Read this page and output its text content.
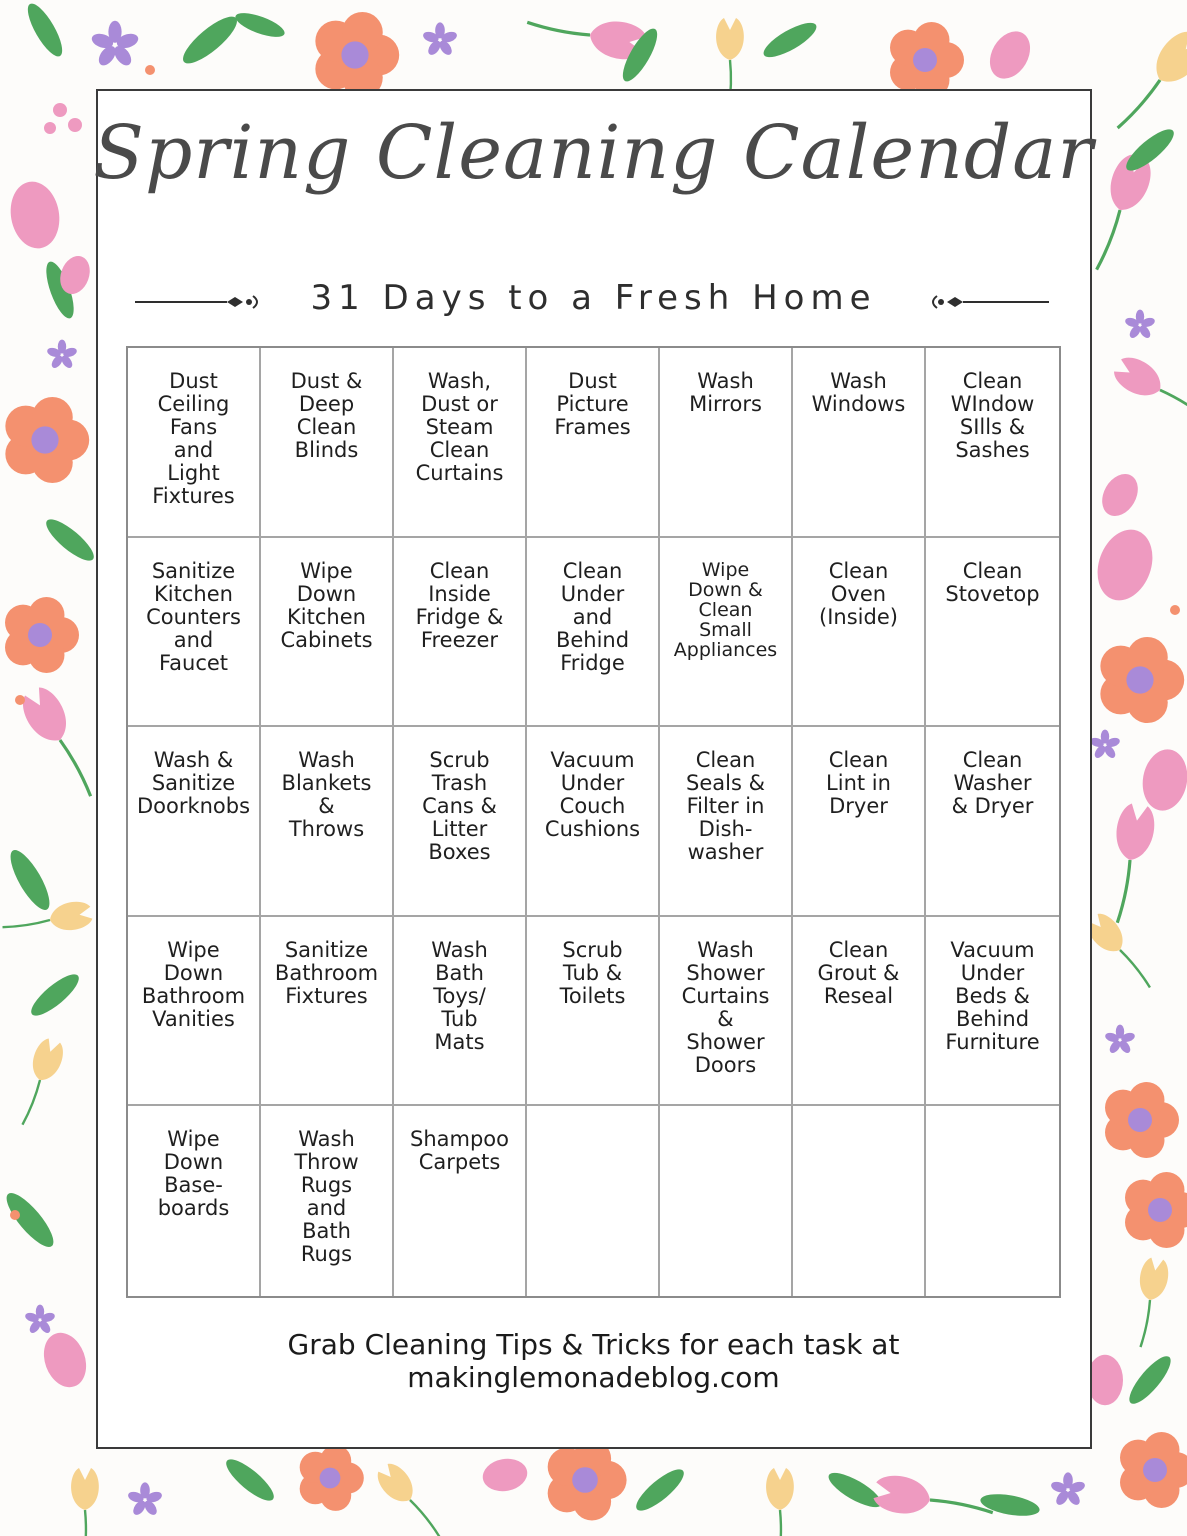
Spring Cleaning Calendar
31 Days to a Fresh Home
Dust
Ceiling
Fans
and
Light
Fixtures
Dust &
Deep
Clean
Blinds
Wash,
Dust or
Steam
Clean
Curtains
Dust
Picture
Frames
Wash
Mirrors
Wash
Windows
Clean
WIndow
SIlls &
Sashes
Sanitize
Kitchen
Counters
and
Faucet
Wipe
Down
Kitchen
Cabinets
Clean
Inside
Fridge &
Freezer
Clean
Under
and
Behind
Fridge
Wipe
Down &
Clean
Small
Appliances
Clean
Oven
(Inside)
Clean
Stovetop
Wash &
Sanitize
Doorknobs
Wash
Blankets
&
Throws
Scrub
Trash
Cans &
Litter
Boxes
Vacuum
Under
Couch
Cushions
Clean
Seals &
Filter in
Dish-
washer
Clean
Lint in
Dryer
Clean
Washer
& Dryer
Wipe
Down
Bathroom
Vanities
Sanitize
Bathroom
Fixtures
Wash
Bath
Toys/
Tub
Mats
Scrub
Tub &
Toilets
Wash
Shower
Curtains
&
Shower
Doors
Clean
Grout &
Reseal
Vacuum
Under
Beds &
Behind
Furniture
Wipe
Down
Base-
boards
Wash
Throw
Rugs
and
Bath
Rugs
Shampoo
Carpets
Grab Cleaning Tips & Tricks for each task at
makinglemonadeblog.com
